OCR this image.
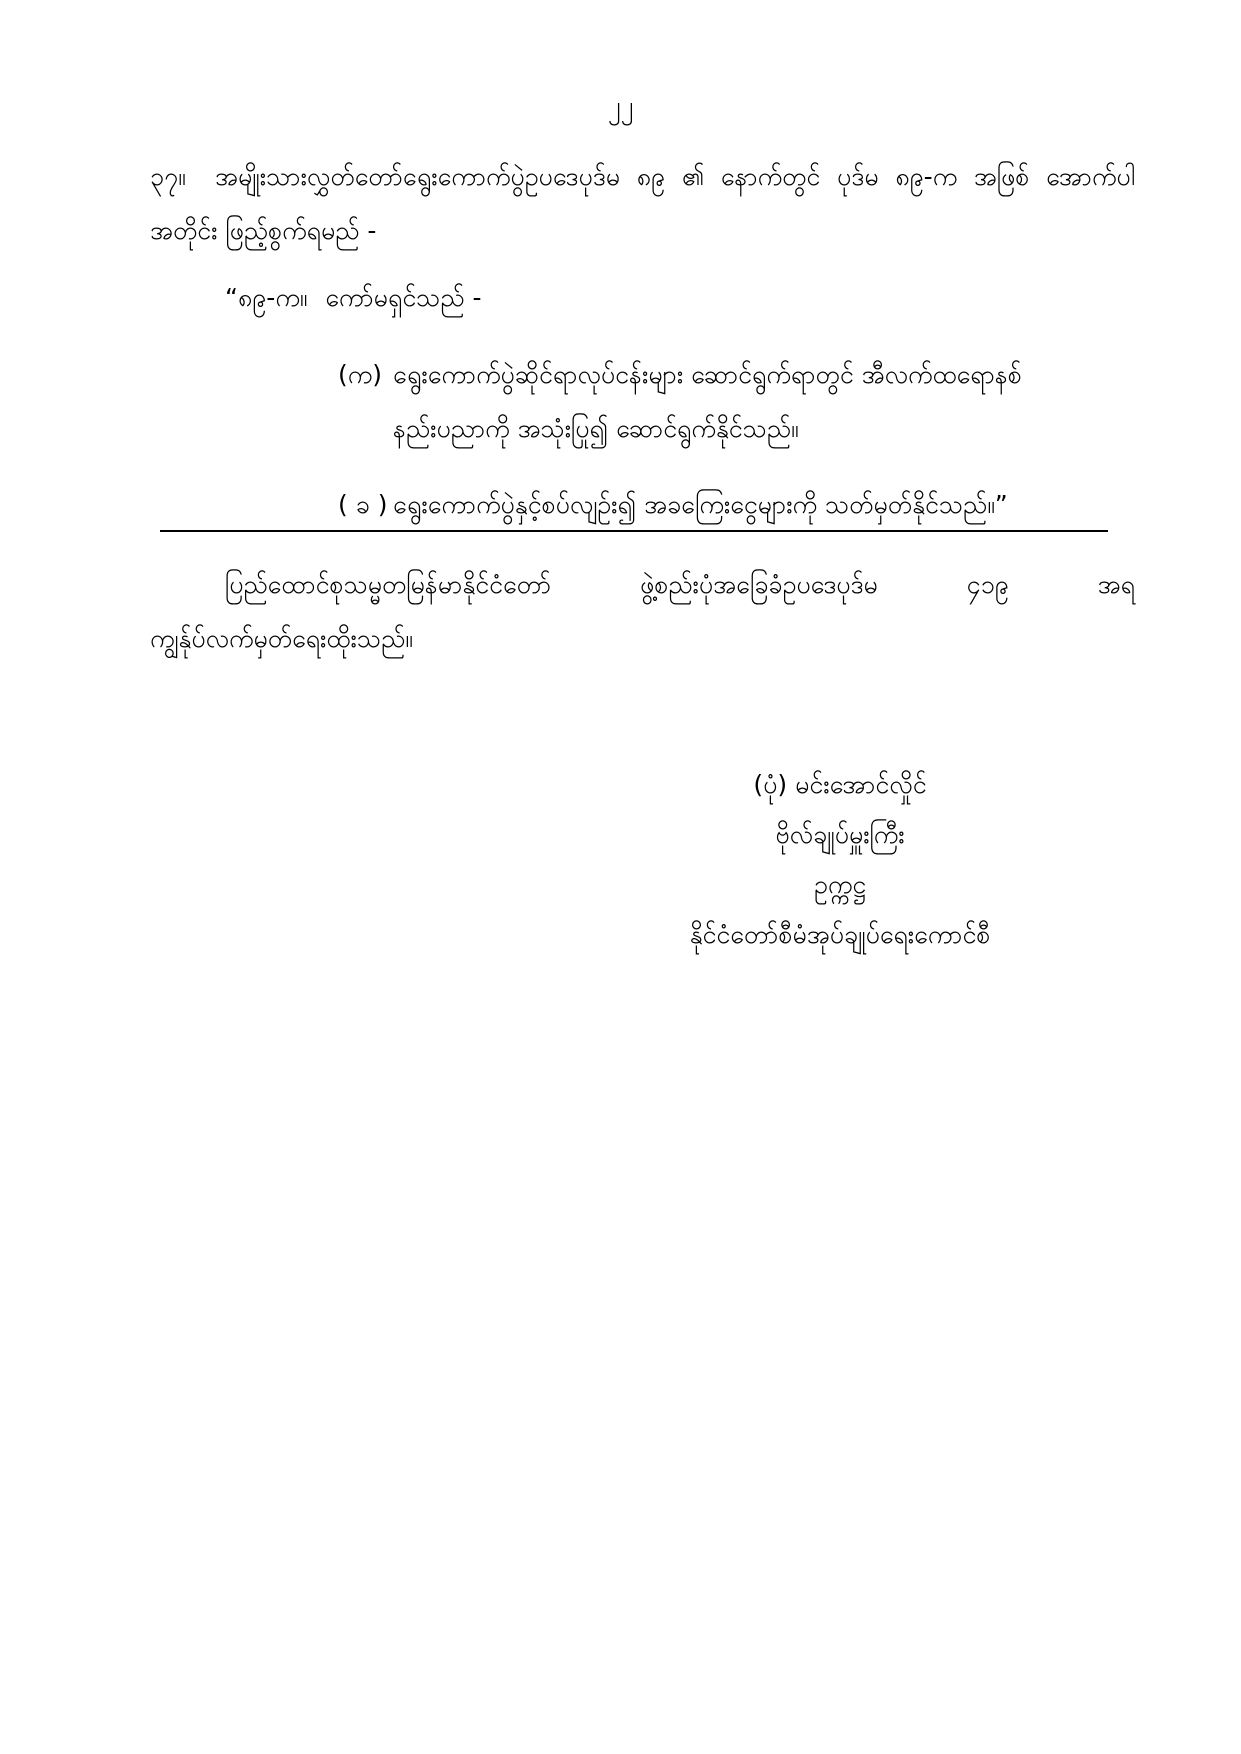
၂၂
၃၇။ အမျိုးသားလွှတ်တော်ရွေးကောက်ပွဲဥပဒေပုဒ်မ ၈၉ ၏ နောက်တွင် ပုဒ်မ ၈၉-က အဖြစ် အောက်ပါအတိုင်း ဖြည့်စွက်ရမည် -
“၈၉-က။ ကော်မရှင်သည် -
(က) ရွေးကောက်ပွဲဆိုင်ရာလုပ်ငန်းများ ဆောင်ရွက်ရာတွင် အီလက်ထရောနစ်
နည်းပညာကို အသုံးပြု၍ ဆောင်ရွက်နိုင်သည်။
( ခ ) ရွေးကောက်ပွဲနှင့်စပ်လျဉ်း၍ အခကြေးငွေများကို သတ်မှတ်နိုင်သည်။”
ပြည်ထောင်စုသမ္မတမြန်မာနိုင်ငံတော်	ဖွဲ့စည်းပုံအခြေခံဥပဒေပုဒ်မ	၄၁၉	အရ
ကျွန်ုပ်လက်မှတ်ရေးထိုးသည်။
(ပုံ) မင်းအောင်လှိုင်
ဗိုလ်ချုပ်မှူးကြီး
ဥက္ကဋ္ဌ
နိုင်ငံတော်စီမံအုပ်ချုပ်ရေးကောင်စီ
